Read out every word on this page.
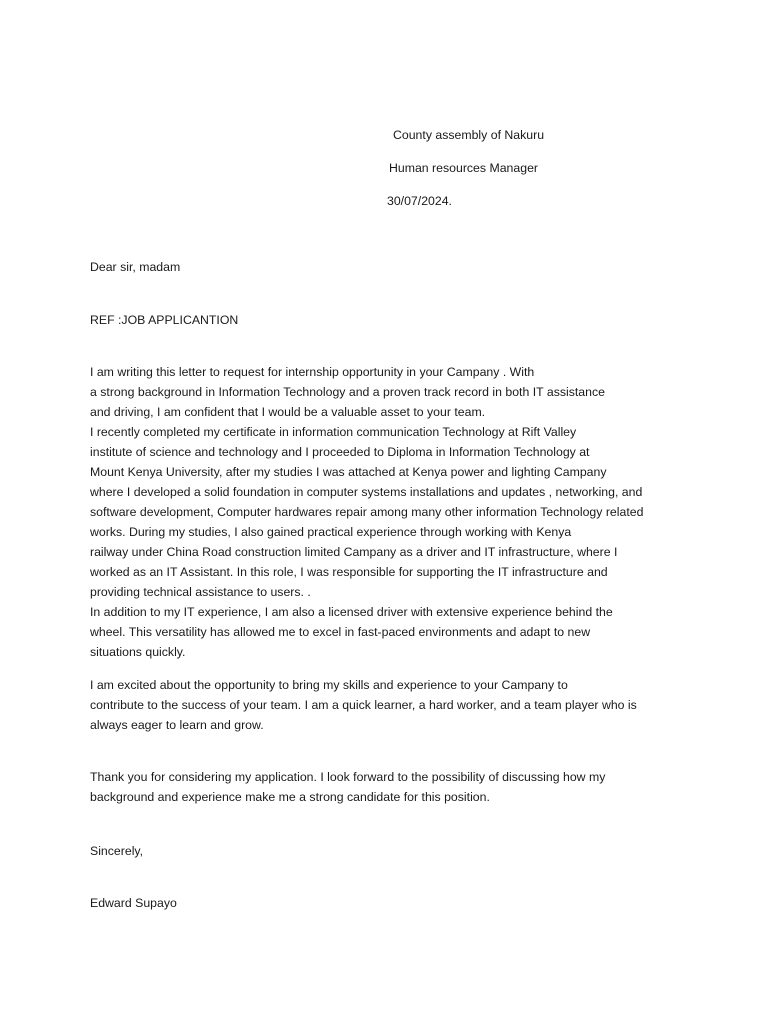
County assembly of Nakuru
Human resources Manager
30/07/2024.
Dear sir, madam
REF :JOB APPLICANTION
I am writing this letter to request for internship opportunity in your Campany . With
a strong background in Information Technology and a proven track record in both IT assistance
and driving, I am confident that I would be a valuable asset to your team.
I recently completed my certificate in information communication Technology at Rift Valley
institute of science and technology and I proceeded to Diploma in Information Technology at
Mount Kenya University, after my studies I was attached at Kenya power and lighting Campany
where I developed a solid foundation in computer systems installations and updates , networking, and
software development, Computer hardwares repair among many other information Technology related
works. During my studies, I also gained practical experience through working with Kenya
railway under China Road construction limited Campany as a driver and IT infrastructure, where I
worked as an IT Assistant. In this role, I was responsible for supporting the IT infrastructure and
providing technical assistance to users. .
In addition to my IT experience, I am also a licensed driver with extensive experience behind the
wheel. This versatility has allowed me to excel in fast-paced environments and adapt to new
situations quickly.
I am excited about the opportunity to bring my skills and experience to your Campany to
contribute to the success of your team. I am a quick learner, a hard worker, and a team player who is
always eager to learn and grow.
Thank you for considering my application. I look forward to the possibility of discussing how my
background and experience make me a strong candidate for this position.
Sincerely,
Edward Supayo
